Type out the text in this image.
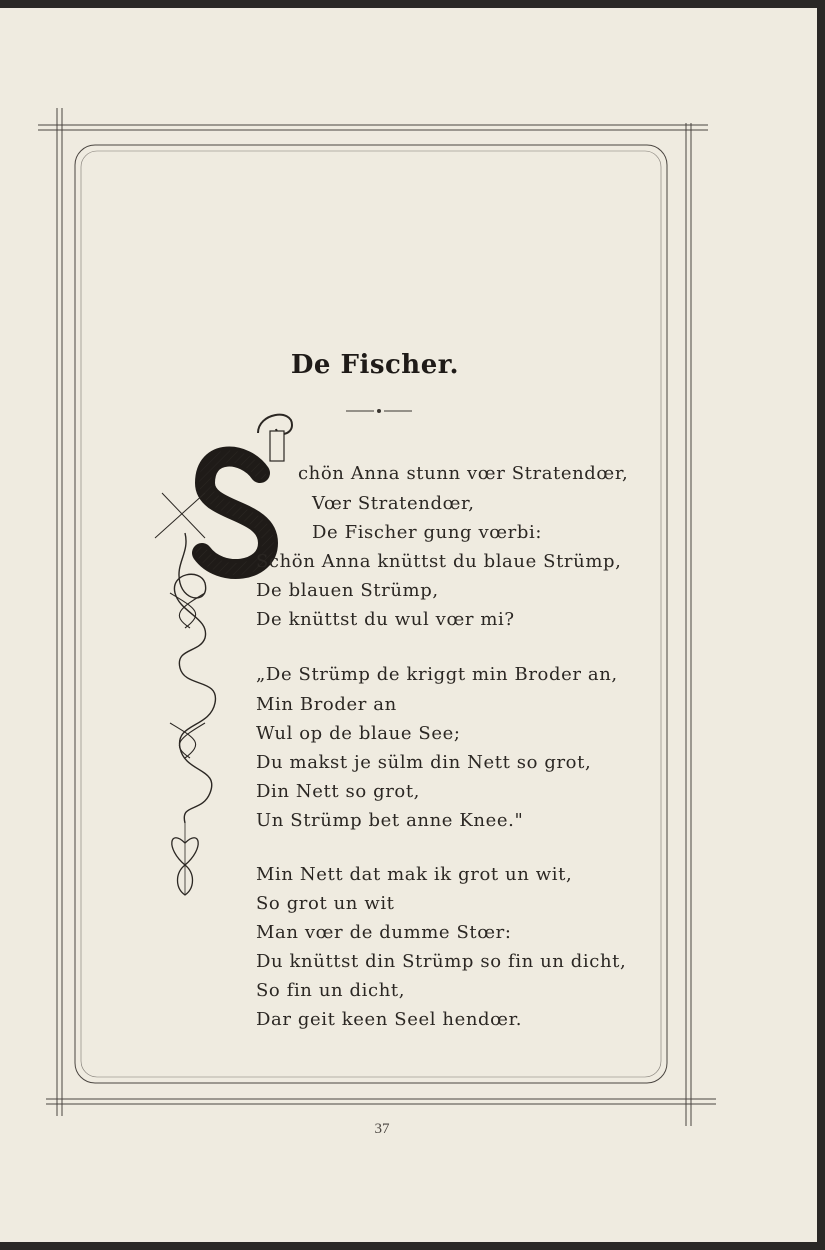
De Fischer.
chön Anna stunn vœr Stratendœr,
Vœr Stratendœr,
De Fischer gung vœrbi:
Schön Anna knüttst du blaue Strümp,
De blauen Strümp,
De knüttst du wul vœr mi?
„De Strümp de kriggt min Broder an,
Min Broder an
Wul op de blaue See;
Du makst je sülm din Nett so grot,
Din Nett so grot,
Un Strümp bet anne Knee."
Min Nett dat mak ik grot un wit,
So grot un wit
Man vœr de dumme Stœr:
Du knüttst din Strümp so fin un dicht,
So fin un dicht,
Dar geit keen Seel hendœr.
37
